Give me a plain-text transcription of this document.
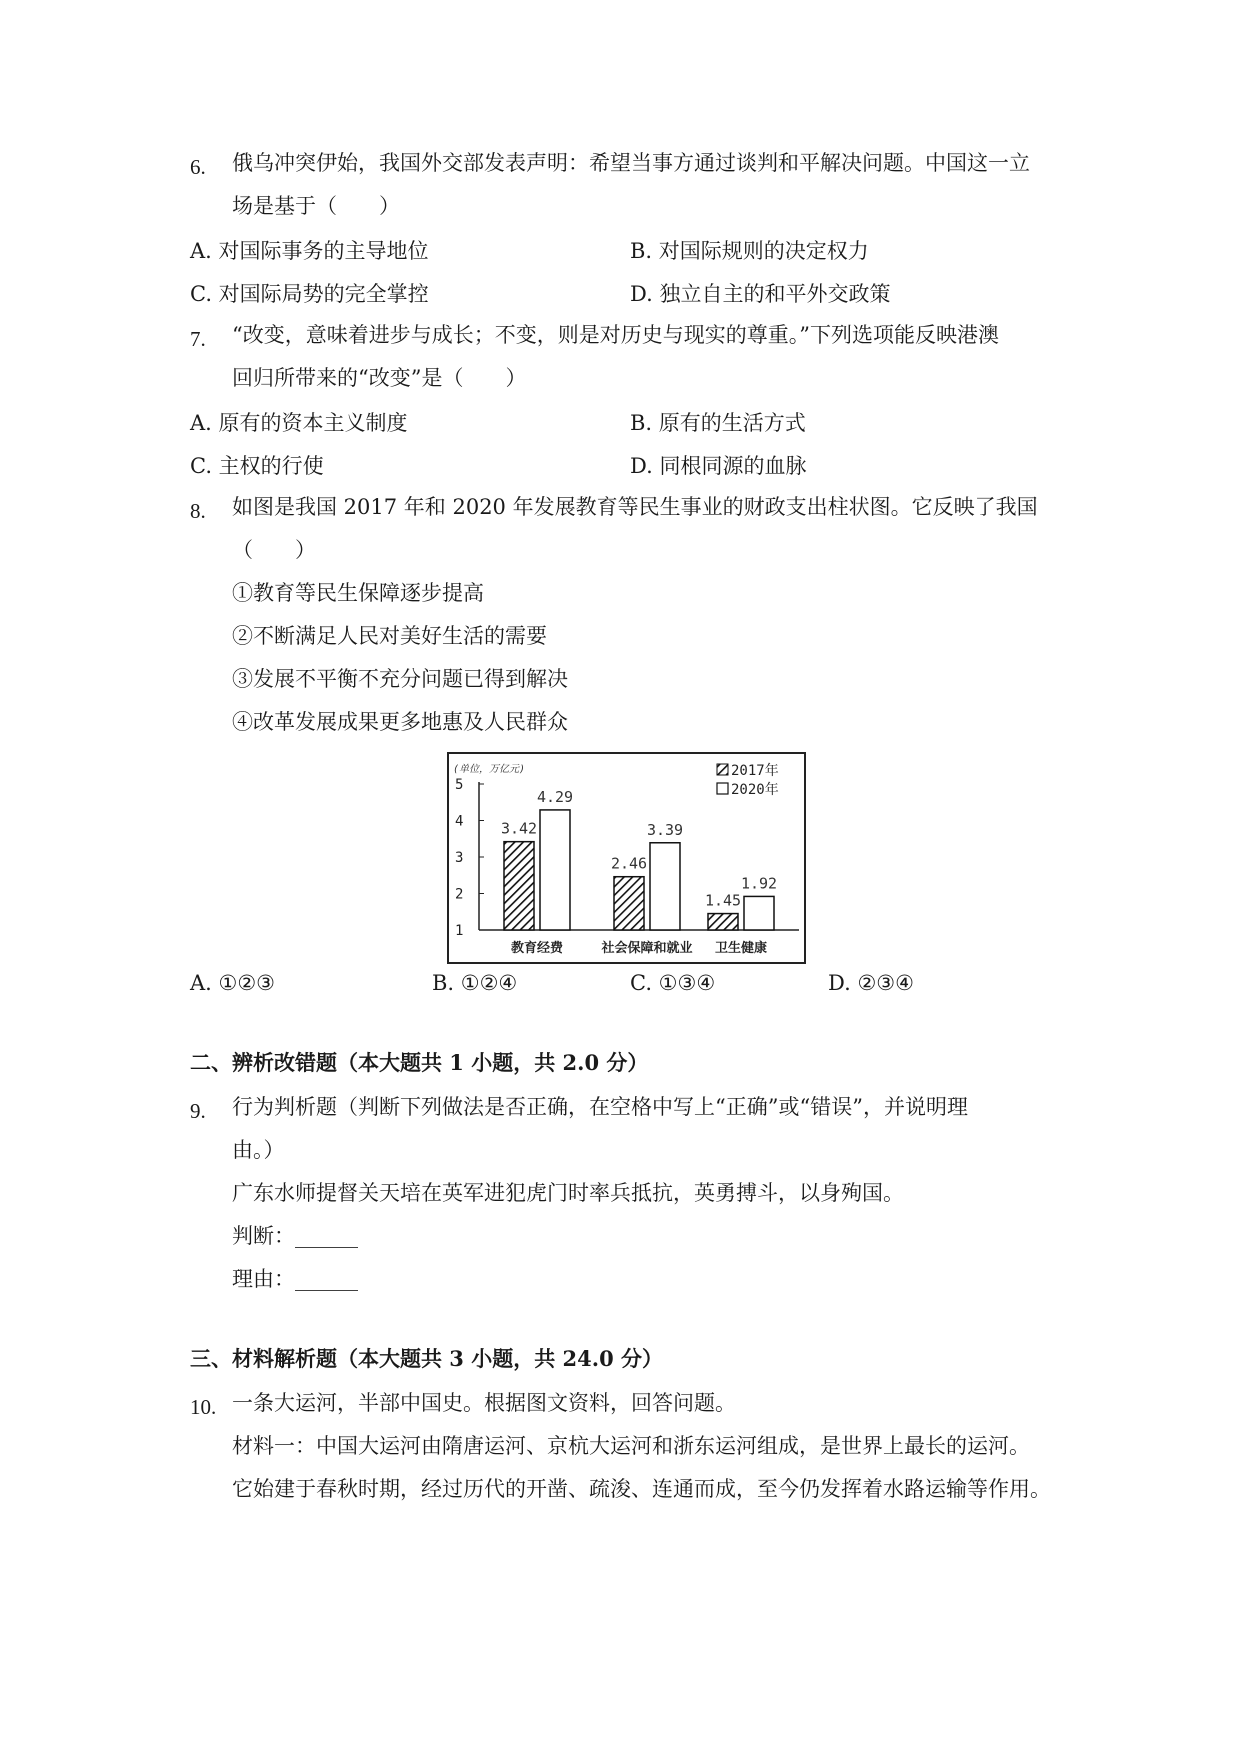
6. 俄乌冲突伊始，我国外交部发表声明：希望当事方通过谈判和平解决问题。中国这一立
场是基于（　　）
A. 对国际事务的主导地位	B. 对国际规则的决定权力
C. 对国际局势的完全掌控	D. 独立自主的和平外交政策
7. “改变，意味着进步与成长；不变，则是对历史与现实的尊重。”下列选项能反映港澳
回归所带来的“改变”是（　　）
A. 原有的资本主义制度	B. 原有的生活方式
C. 主权的行使	D. 同根同源的血脉
8. 如图是我国 2017 年和 2020 年发展教育等民生事业的财政支出柱状图。它反映了我国
（　　）
①教育等民生保障逐步提高
②不断满足人民对美好生活的需要
③发展不平衡不充分问题已得到解决
④改革发展成果更多地惠及人民群众
(单位，万亿元)
1
2
3
4
5
3.42
4.29
教育经费
2.46
3.39
社会保障和就业
1.45
1.92
卫生健康
2017年
2020年
A. ①②③	B. ①②④	C. ①③④	D. ②③④
二、辨析改错题（本大题共 1 小题，共 2.0 分）
9. 行为判析题（判断下列做法是否正确，在空格中写上“正确”或“错误”，并说明理
由。）
广东水师提督关天培在英军进犯虎门时率兵抵抗，英勇搏斗，以身殉国。
判断：______
理由：______
三、材料解析题（本大题共 3 小题，共 24.0 分）
10. 一条大运河，半部中国史。根据图文资料，回答问题。
材料一：中国大运河由隋唐运河、京杭大运河和浙东运河组成，是世界上最长的运河。
它始建于春秋时期，经过历代的开凿、疏浚、连通而成，至今仍发挥着水路运输等作用。
